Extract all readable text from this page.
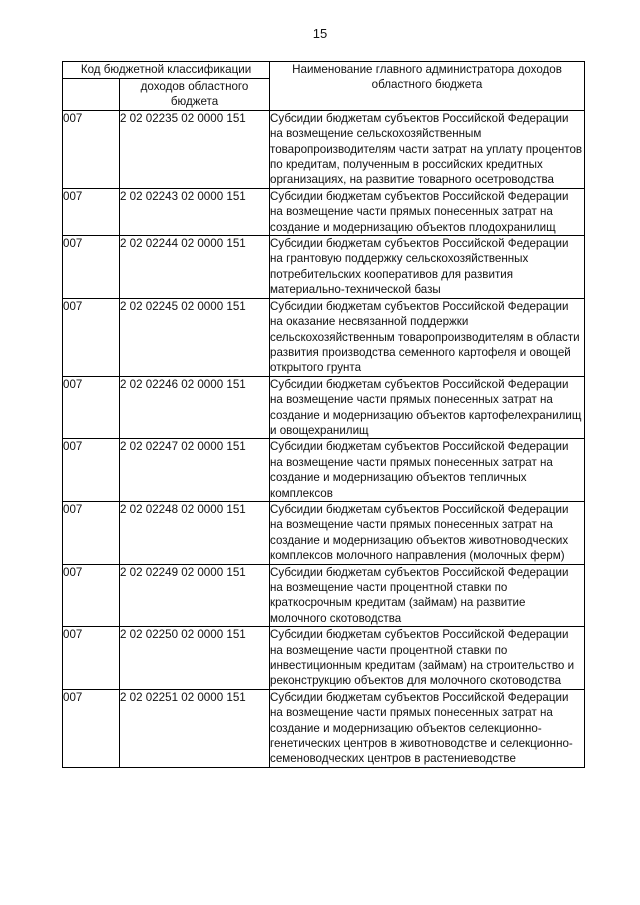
15
Код бюджетной классификации		Наименование главного администратора доходов областного бюджета
	доходов областного бюджета	
007	2 02 02235 02 0000 151	Субсидии бюджетам субъектов Российской Федерации на возмещение сельскохозяйственным товаропроизводителям части затрат на уплату процентов по кредитам, полученным в российских кредитных организациях, на развитие товарного осетроводства
007	2 02 02243 02 0000 151	Субсидии бюджетам субъектов Российской Федерации на возмещение части прямых понесенных затрат на создание и модернизацию объектов плодохранилищ
007	2 02 02244 02 0000 151	Субсидии бюджетам субъектов Российской Федерации на грантовую поддержку сельскохозяйственных потребительских кооперативов для развития материально-технической базы
007	2 02 02245 02 0000 151	Субсидии бюджетам субъектов Российской Федерации на оказание несвязанной поддержки сельскохозяйственным товаропроизводителям в области развития производства семенного картофеля и овощей открытого грунта
007	2 02 02246 02 0000 151	Субсидии бюджетам субъектов Российской Федерации на возмещение части прямых понесенных затрат на создание и модернизацию объектов картофелехранилищ и овощехранилищ
007	2 02 02247 02 0000 151	Субсидии бюджетам субъектов Российской Федерации на возмещение части прямых понесенных затрат на создание и модернизацию объектов тепличных комплексов
007	2 02 02248 02 0000 151	Субсидии бюджетам субъектов Российской Федерации на возмещение части прямых понесенных затрат на создание и модернизацию объектов животноводческих комплексов молочного направления (молочных ферм)
007	2 02 02249 02 0000 151	Субсидии бюджетам субъектов Российской Федерации на возмещение части процентной ставки по краткосрочным кредитам (займам) на развитие молочного скотоводства
007	2 02 02250 02 0000 151	Субсидии бюджетам субъектов Российской Федерации на возмещение части процентной ставки по инвестиционным кредитам (займам) на строительство и реконструкцию объектов для молочного скотоводства
007	2 02 02251 02 0000 151	Субсидии бюджетам субъектов Российской Федерации на возмещение части прямых понесенных затрат на создание и модернизацию объектов селекционно-генетических центров в животноводстве и селекционно-семеноводческих центров в растениеводстве
